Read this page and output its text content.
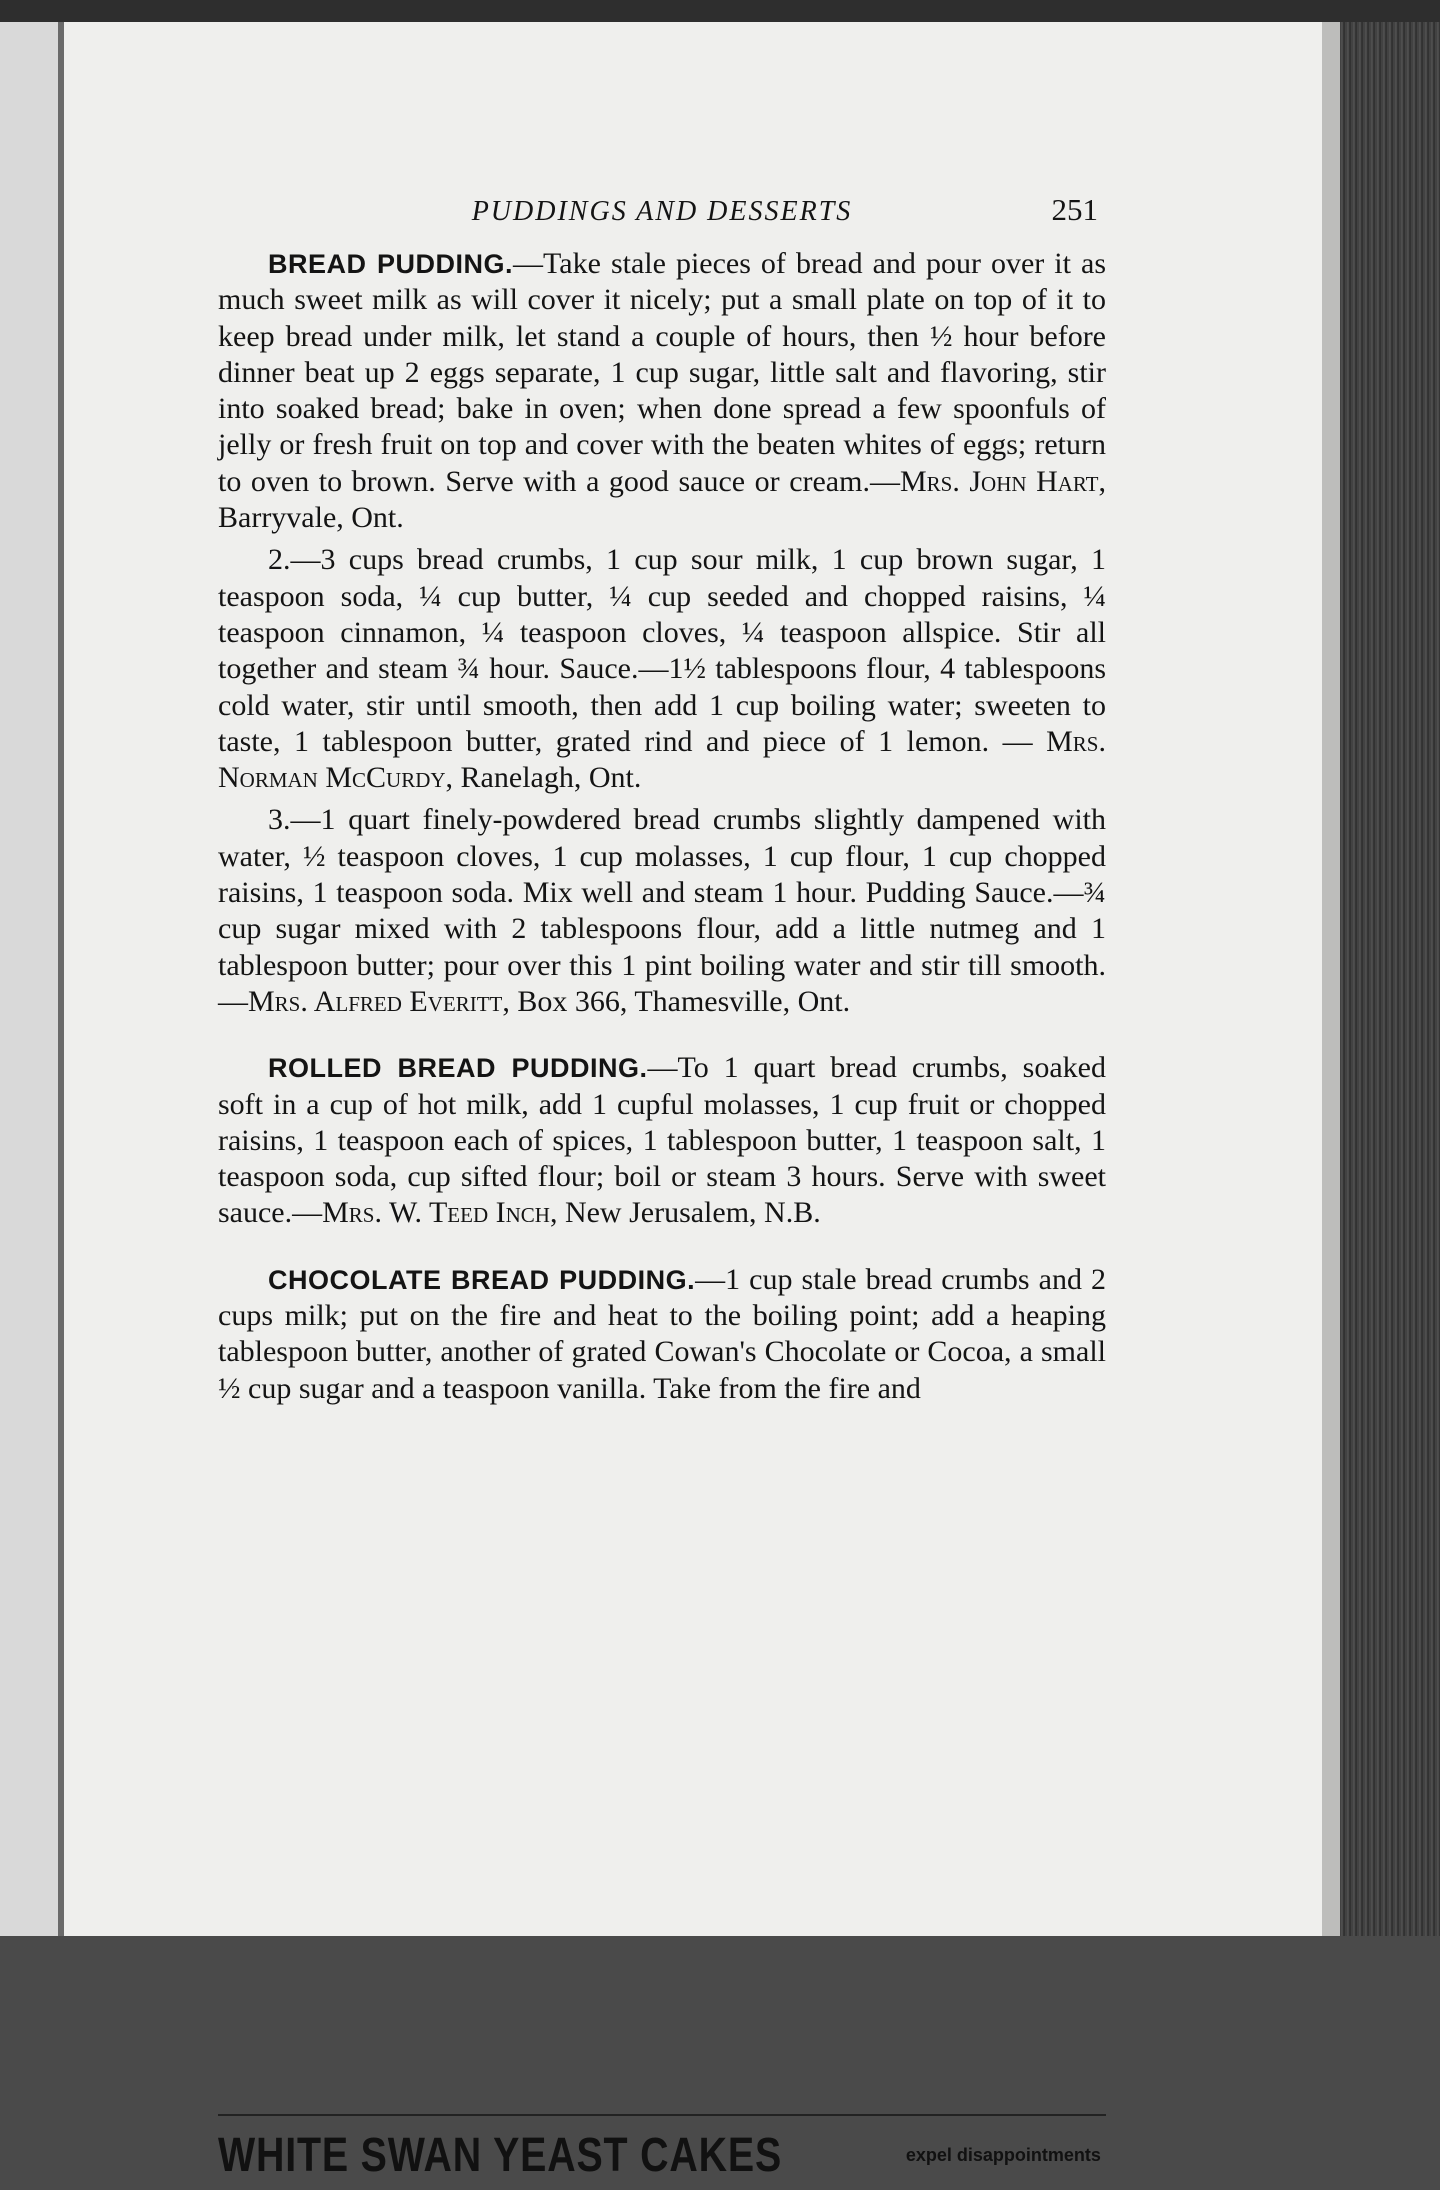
PUDDINGS AND DESSERTS	251

BREAD PUDDING.—Take stale pieces of bread and pour over it as much sweet milk as will cover it nicely; put a small plate on top of it to keep bread under milk, let stand a couple of hours, then ½ hour before dinner beat up 2 eggs separate, 1 cup sugar, little salt and flavoring, stir into soaked bread; bake in oven; when done spread a few spoonfuls of jelly or fresh fruit on top and cover with the beaten whites of eggs; return to oven to brown. Serve with a good sauce or cream.—Mrs. John Hart, Barryvale, Ont.

2.—3 cups bread crumbs, 1 cup sour milk, 1 cup brown sugar, 1 teaspoon soda, ¼ cup butter, ¼ cup seeded and chopped raisins, ¼ teaspoon cinnamon, ¼ teaspoon cloves, ¼ teaspoon allspice. Stir all together and steam ¾ hour. Sauce.—1½ tablespoons flour, 4 tablespoons cold water, stir until smooth, then add 1 cup boiling water; sweeten to taste, 1 tablespoon butter, grated rind and piece of 1 lemon. — Mrs. Norman McCurdy, Ranelagh, Ont.

3.—1 quart finely-powdered bread crumbs slightly dampened with water, ½ teaspoon cloves, 1 cup molasses, 1 cup flour, 1 cup chopped raisins, 1 teaspoon soda. Mix well and steam 1 hour. Pudding Sauce.—¾ cup sugar mixed with 2 tablespoons flour, add a little nutmeg and 1 tablespoon butter; pour over this 1 pint boiling water and stir till smooth.—Mrs. Alfred Everitt, Box 366, Thamesville, Ont.

ROLLED BREAD PUDDING.—To 1 quart bread crumbs, soaked soft in a cup of hot milk, add 1 cupful molasses, 1 cup fruit or chopped raisins, 1 teaspoon each of spices, 1 tablespoon butter, 1 teaspoon salt, 1 teaspoon soda, cup sifted flour; boil or steam 3 hours. Serve with sweet sauce.—Mrs. W. Teed Inch, New Jerusalem, N.B.

CHOCOLATE BREAD PUDDING.—1 cup stale bread crumbs and 2 cups milk; put on the fire and heat to the boiling point; add a heaping tablespoon butter, another of grated Cowan's Chocolate or Cocoa, a small ½ cup sugar and a teaspoon vanilla. Take from the fire and

WHITE SWAN YEAST CAKES	expel disappointments
